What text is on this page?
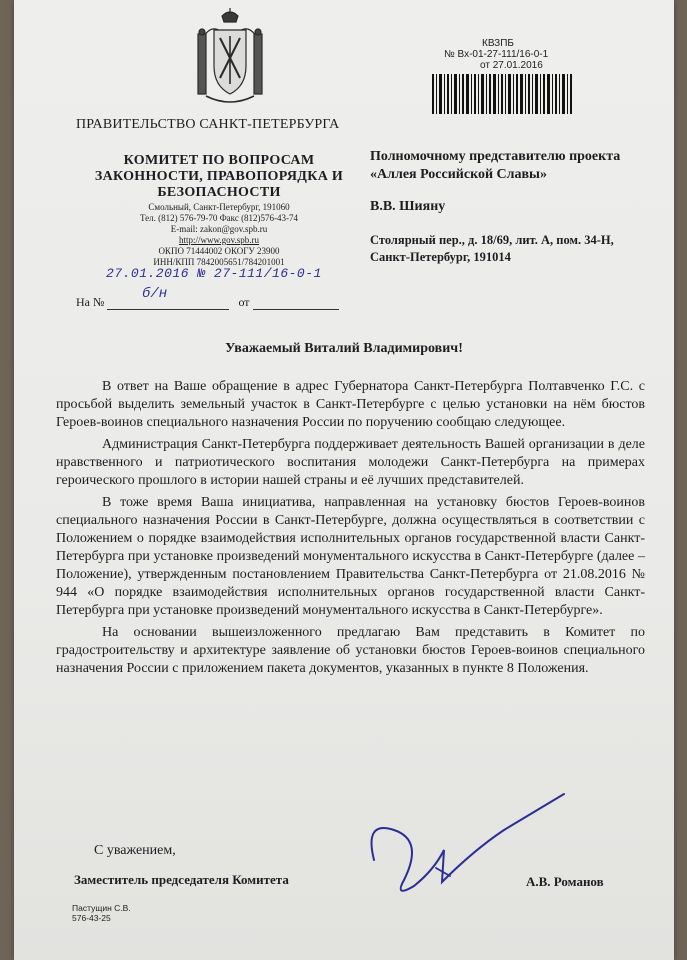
КВЗПБ
№ Вх-01-27-111/16-0-1
от 27.01.2016
ПРАВИТЕЛЬСТВО САНКТ-ПЕТЕРБУРГА
КОМИТЕТ ПО ВОПРОСАМ
ЗАКОННОСТИ, ПРАВОПОРЯДКА И
БЕЗОПАСНОСТИ
Смольный, Санкт-Петербург, 191060
Тел. (812) 576-79-70 Факс (812)576-43-74
E-mail: zakon@gov.spb.ru
http://www.gov.spb.ru
ОКПО 71444002 ОКОГУ 23900
ИНН/КПП 7842005651/784201001
27.01.2016 № 27-111/16-0-1
На №	от
б/н
Полномочному представителю проекта
«Аллея Российской Славы»
В.В. Шияну
Столярный пер., д. 18/69, лит. А, пом. 34-Н,
Санкт-Петербург, 191014
Уважаемый Виталий Владимирович!

В ответ на Ваше обращение в адрес Губернатора Санкт-Петербурга Полтавченко Г.С. с просьбой выделить земельный участок в Санкт-Петербурге с целью установки на нём бюстов Героев-воинов специального назначения России по поручению сообщаю следующее.

Администрация Санкт-Петербурга поддерживает деятельность Вашей организации в деле нравственного и патриотического воспитания молодежи Санкт-Петербурга на примерах героического прошлого в истории нашей страны и её лучших представителей.

В тоже время Ваша инициатива, направленная на установку бюстов Героев-воинов специального назначения России в Санкт-Петербурге, должна осуществляться в соответствии с Положением о порядке взаимодействия исполнительных органов государственной власти Санкт-Петербурга при установке произведений монументального искусства в Санкт-Петербурге (далее – Положение), утвержденным постановлением Правительства Санкт-Петербурга от 21.08.2016 № 944 «О порядке взаимодействия исполнительных органов государственной власти Санкт-Петербурга при установке произведений монументального искусства в Санкт-Петербурге».

На основании вышеизложенного предлагаю Вам представить в Комитет по градостроительству и архитектуре заявление об установки бюстов Героев-воинов специального назначения России с приложением пакета документов, указанных в пункте 8 Положения.

С уважением,
Заместитель председателя Комитета	А.В. Романов
Пастущин С.В.
576-43-25
